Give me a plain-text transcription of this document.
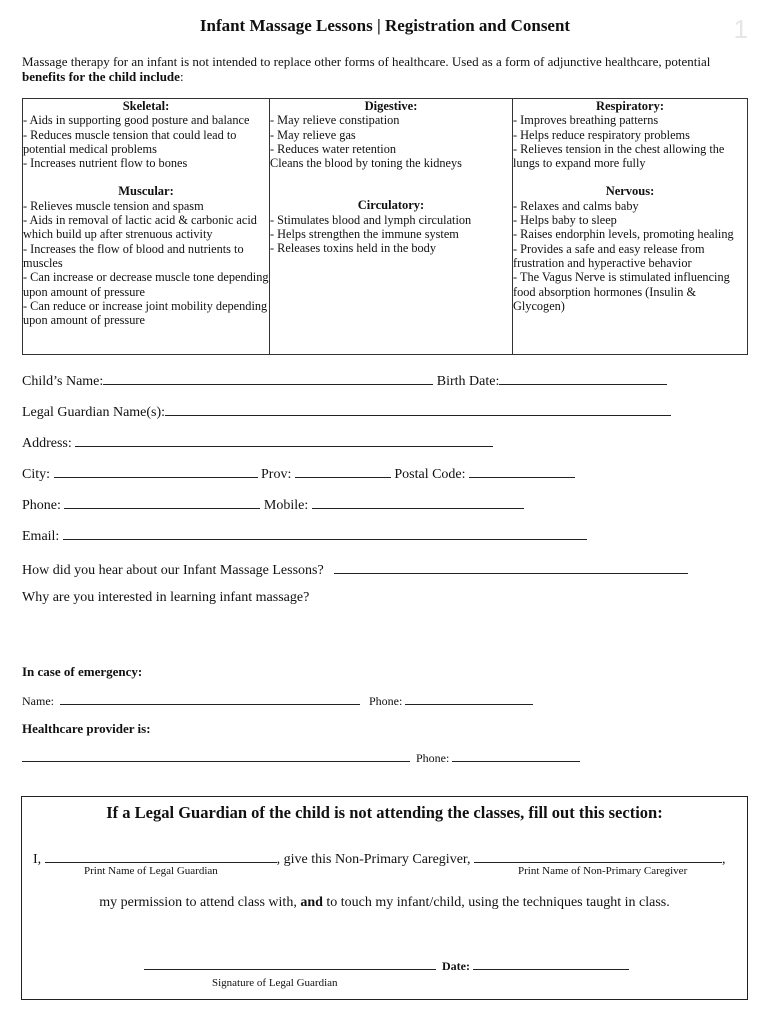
1
Infant Massage Lessons | Registration and Consent
Massage therapy for an infant is not intended to replace other forms of healthcare. Used as a form of adjunctive healthcare, potential benefits for the child include:
Skeletal:
- Aids in supporting good posture and balance
- Reduces muscle tension that could lead to potential medical problems
- Increases nutrient flow to bones
Muscular:
- Relieves muscle tension and spasm
- Aids in removal of lactic acid & carbonic acid which build up after strenuous activity
- Increases the flow of blood and nutrients to muscles
- Can increase or decrease muscle tone depending upon amount of pressure
- Can reduce or increase joint mobility depending upon amount of pressure
Digestive:
- May relieve constipation
- May relieve gas
- Reduces water retention
Cleans the blood by toning the kidneys
Circulatory:
- Stimulates blood and lymph circulation
- Helps strengthen the immune system
- Releases toxins held in the body
Respiratory:
- Improves breathing patterns
- Helps reduce respiratory problems
- Relieves tension in the chest allowing the lungs to expand more fully
Nervous:
- Relaxes and calms baby
- Helps baby to sleep
- Raises endorphin levels, promoting healing
- Provides a safe and easy release from frustration and hyperactive behavior
- The Vagus Nerve is stimulated influencing food absorption hormones (Insulin & Glycogen)
Child’s Name:	Birth Date:
Legal Guardian Name(s):
Address:
City:	Prov:	Postal Code:
Phone:	Mobile:
Email:
How did you hear about our Infant Massage Lessons?
Why are you interested in learning infant massage?
In case of emergency:
Name:	Phone:
Healthcare provider is:
Phone:
If a Legal Guardian of the child is not attending the classes, fill out this section:
I,	, give this Non-Primary Caregiver,	,
Print Name of Legal Guardian	Print Name of Non-Primary Caregiver
my permission to attend class with, and to touch my infant/child, using the techniques taught in class.
Date:
Signature of Legal Guardian
